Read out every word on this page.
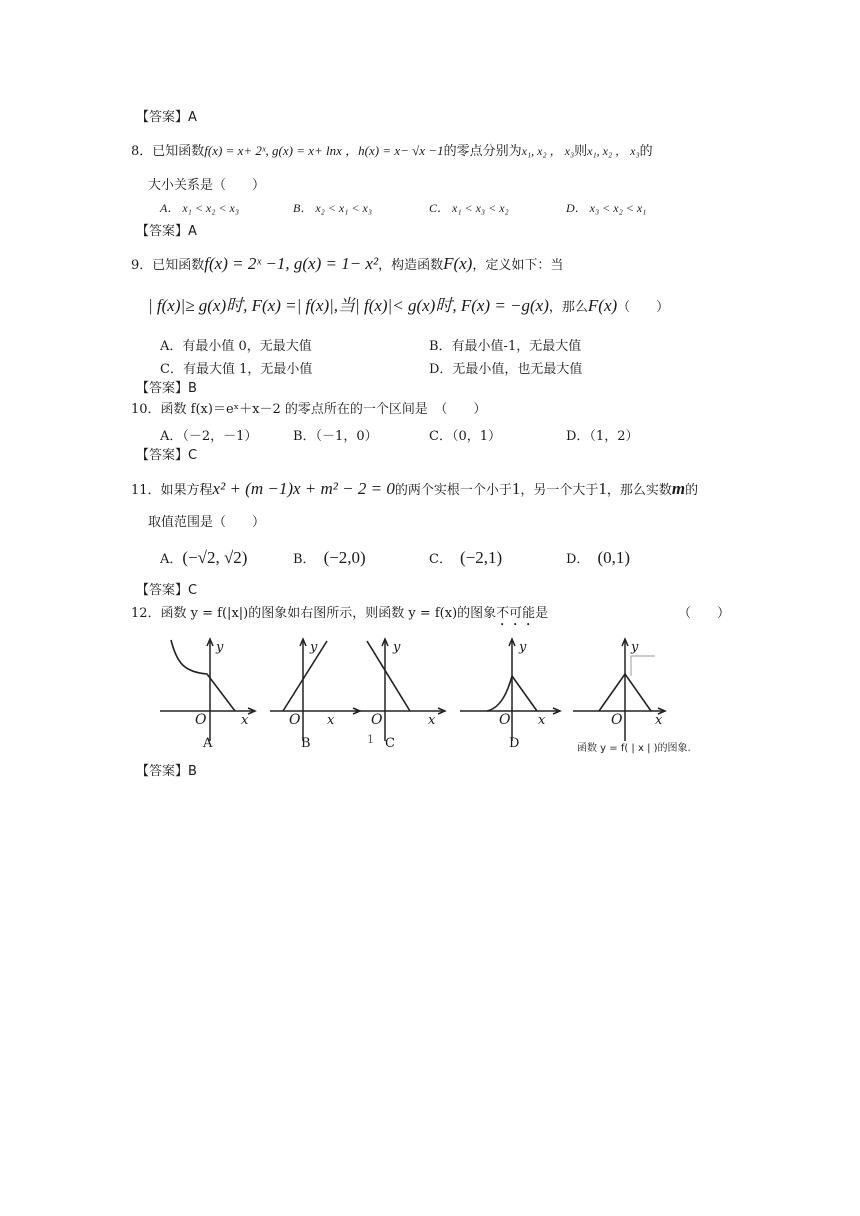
【答案】A
8．已知函数f(x) = x+ 2ˣ, g(x) = x+ lnx ，h(x) = x− √x −1的零点分别为x₁, x₂ ， x₃则x₁, x₂ ， x₃的
大小关系是（　　）
A． x₁ < x₂ < x₃	B． x₂ < x₁ < x₃	C． x₁ < x₃ < x₂	D． x₃ < x₂ < x₁
【答案】A
9．已知函数f(x) = 2ˣ −1, g(x) = 1− x²，构造函数F(x)，定义如下：当
| f(x)|≥ g(x)时, F(x) =| f(x)|,当| f(x)|< g(x)时, F(x) = −g(x)，那么F(x)（　　）
A．有最小值 0，无最大值	B．有最小值-1，无最大值
C．有最大值 1，无最小值	D．无最小值，也无最大值
【答案】B
10．函数 f(x)＝eˣ＋x－2 的零点所在的一个区间是　（　　）
A．（－2，－1）	B．（－1，0）	C．（0，1）	D．（1，2）
【答案】C
11．如果方程x² + (m −1)x + m² − 2 = 0的两个实根一个小于1，另一个大于1，那么实数m的
取值范围是（　　）
A．(−√2, √2)	B． (−2,0)	C． (−2,1)	D． (0,1)
【答案】C
12．函数 y = f(|x|)的图象如右图所示，则函数 y = f(x)的图象不可能是	（　　）
y
x
O
A
y
x
O
B
y
x
O
C
1
y
x
O
D
y
x
O
函数 y = f( | x | )的图象.
【答案】B
